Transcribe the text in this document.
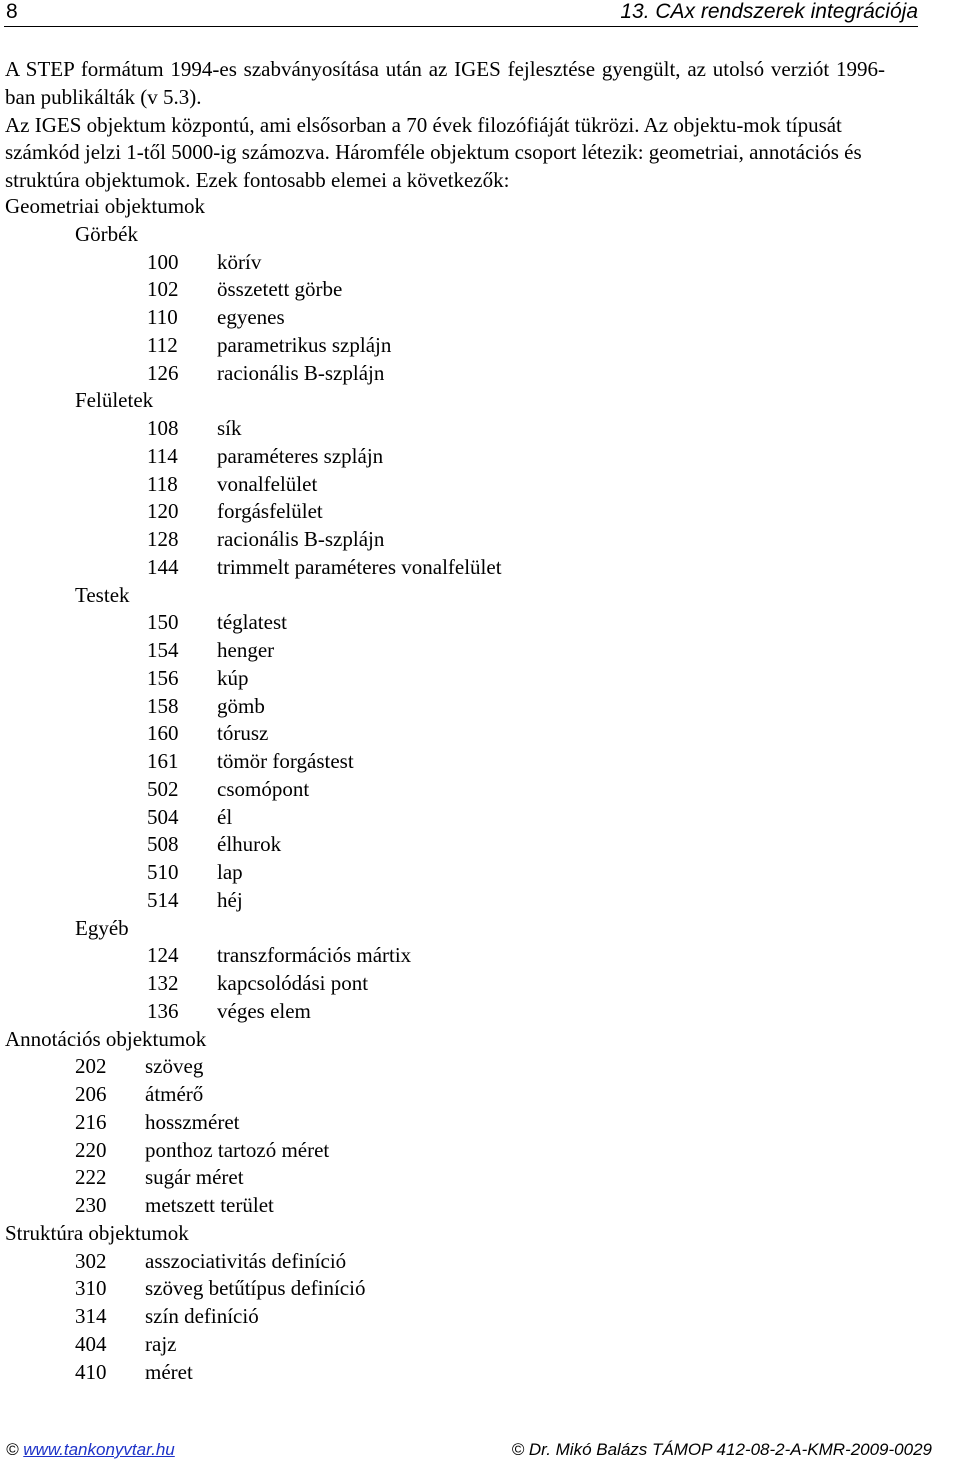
8	13. CAx rendszerek integrációja

A STEP formátum 1994-es szabványosítása után az IGES fejlesztése gyengült, az utolsó verziót 1996-ban publikálták (v 5.3).

Az IGES objektum központú, ami elsősorban a 70 évek filozófiáját tükrözi. Az objektu-mok típusát számkód jelzi 1-től 5000-ig számozva. Háromféle objektum csoport létezik: geometriai, annotációs és struktúra objektumok. Ezek fontosabb elemei a következők:

Geometriai objektumok
Görbék
100	körív
102	összetett görbe
110	egyenes
112	parametrikus szplájn
126	racionális B-szplájn
Felületek
108	sík
114	paraméteres szplájn
118	vonalfelület
120	forgásfelület
128	racionális B-szplájn
144	trimmelt paraméteres vonalfelület
Testek
150	téglatest
154	henger
156	kúp
158	gömb
160	tórusz
161	tömör forgástest
502	csomópont
504	él
508	élhurok
510	lap
514	héj
Egyéb
124	transzformációs mártix
132	kapcsolódási pont
136	véges elem
Annotációs objektumok
202	szöveg
206	átmérő
216	hosszméret
220	ponthoz tartozó méret
222	sugár méret
230	metszett terület
Struktúra objektumok
302	asszociativitás definíció
310	szöveg betűtípus definíció
314	szín definíció
404	rajz
410	méret
© www.tankonyvtar.hu	© Dr. Mikó Balázs TÁMOP 412-08-2-A-KMR-2009-0029
